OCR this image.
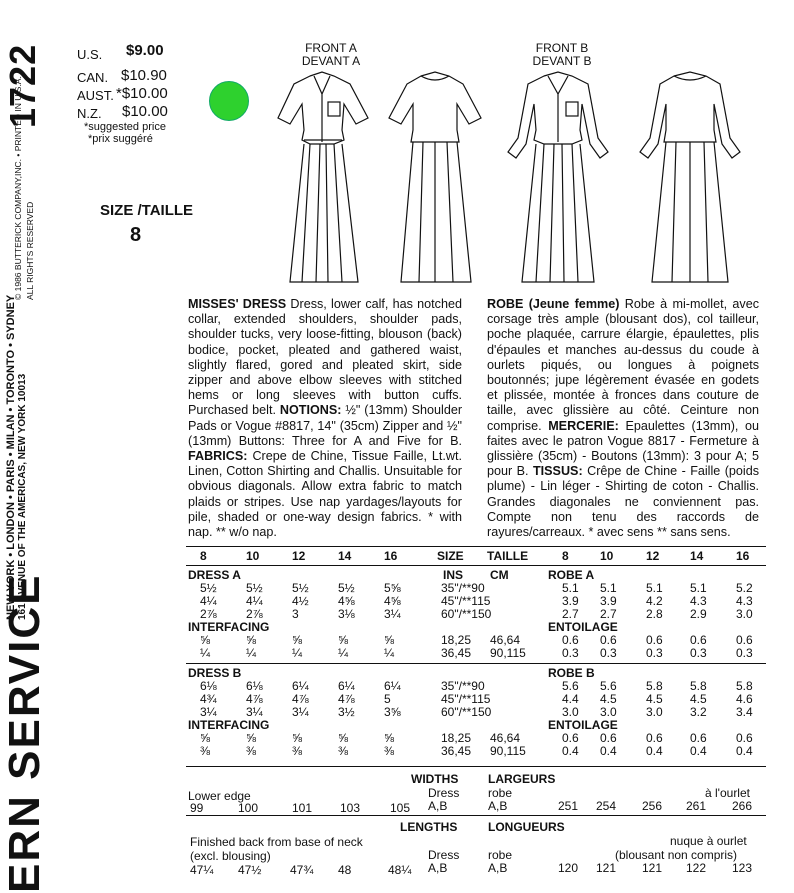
1722
ERN SERVICE
NEW YORK • LONDON • PARIS • MILAN • TORONTO • SYDNEY 161 AVENUE OF THE AMERICAS, NEW YORK 10013
© 1986 BUTTERICK COMPANY,INC. • PRINTED IN U.S.A. ALL RIGHTS RESERVED
U.S. $9.00
CAN. $10.90
AUST. *$10.00
N.Z. $10.00
*suggested price
*prix suggéré
SIZE /TAILLE
8
FRONT A
DEVANT A
FRONT B
DEVANT B
MISSES' DRESS Dress, lower calf, has notched collar, extended shoulders, shoulder pads, shoulder tucks, very loose-fitting, blouson (back) bodice, pocket, pleated and gathered waist, slightly flared, gored and pleated skirt, side zipper and above elbow sleeves with stitched hems or long sleeves with button cuffs. Purchased belt. NOTIONS: ½" (13mm) Shoulder Pads or Vogue #8817, 14" (35cm) Zipper and ½" (13mm) Buttons: Three for A and Five for B. FABRICS: Crepe de Chine, Tissue Faille, Lt.wt. Linen, Cotton Shirting and Challis. Unsuitable for obvious diagonals. Allow extra fabric to match plaids or stripes. Use nap yardages/layouts for pile, shaded or one-way design fabrics. * with nap. ** w/o nap.
ROBE (Jeune femme) Robe à mi-mollet, avec corsage très ample (blousant dos), col tailleur, poche plaquée, carrure élargie, épaulettes, plis d'épaules et manches au-dessus du coude à ourlets piqués, ou longues à poignets boutonnés; jupe légèrement évasée en godets et plissée, montée à fronces dans couture de taille, avec glissière au côté. Ceinture non comprise. MERCERIE: Epaulettes (13mm), ou faites avec le patron Vogue 8817 - Fermeture à glissière (35cm) - Boutons (13mm): 3 pour A; 5 pour B. TISSUS: Crêpe de Chine - Faille (poids plume) - Lin léger - Shirting de coton - Challis. Grandes diagonales ne conviennent pas. Compte non tenu des raccords de rayures/carreaux. * avec sens ** sans sens.
8	10	12	14	16	SIZE TAILLE	8	10	12	14	16
DRESS A	INS CM	ROBE A
5½ 5½ 5½ 5½ 5⅝	35"/**90	5.1 5.1 5.1 5.1 5.2
4¼ 4¼ 4½ 4⅝ 4⅝	45"/**115	3.9 3.9 4.2 4.3 4.3
2⅞ 2⅞ 3	3⅛ 3¼	60"/**150	2.7 2.7 2.8 2.9 3.0
INTERFACING	ENTOILAGE
⅝	⅝	⅝	⅝	⅝	18,25 46,64	0.6 0.6 0.6 0.6 0.6
¼	¼	¼	¼	¼	36,45 90,115	0.3 0.3 0.3 0.3 0.3
DRESS B	ROBE B
6⅛ 6⅛ 6¼ 6¼ 6¼	35"/**90	5.6 5.6 5.8 5.8 5.8
4¾ 4⅞ 4⅞ 4⅞ 5	45"/**115	4.4 4.5 4.5 4.5 4.6
3¼ 3¼ 3¼ 3½ 3⅝	60"/**150	3.0 3.0 3.0 3.2 3.4
INTERFACING	ENTOILAGE
⅝	⅝	⅝	⅝	⅝	18,25 46,64	0.6 0.6 0.6 0.6 0.6
⅜	⅜	⅜	⅜	⅜	36,45 90,115	0.4 0.4 0.4 0.4 0.4
WIDTHS LARGEURS
à l'ourlet
Lower edge	Dress
A,B
robe
A,B
99	100	101 103 105	251 254 256 261 266
LENGTHS	LONGUEURS
Finished back from base of neck
(excl. blousing)
nuque à ourlet
(blousant non compris)
Dress
A,B
robe
A,B
47¼ 47½ 47¾ 48	48¼	120 121 121 122 123
